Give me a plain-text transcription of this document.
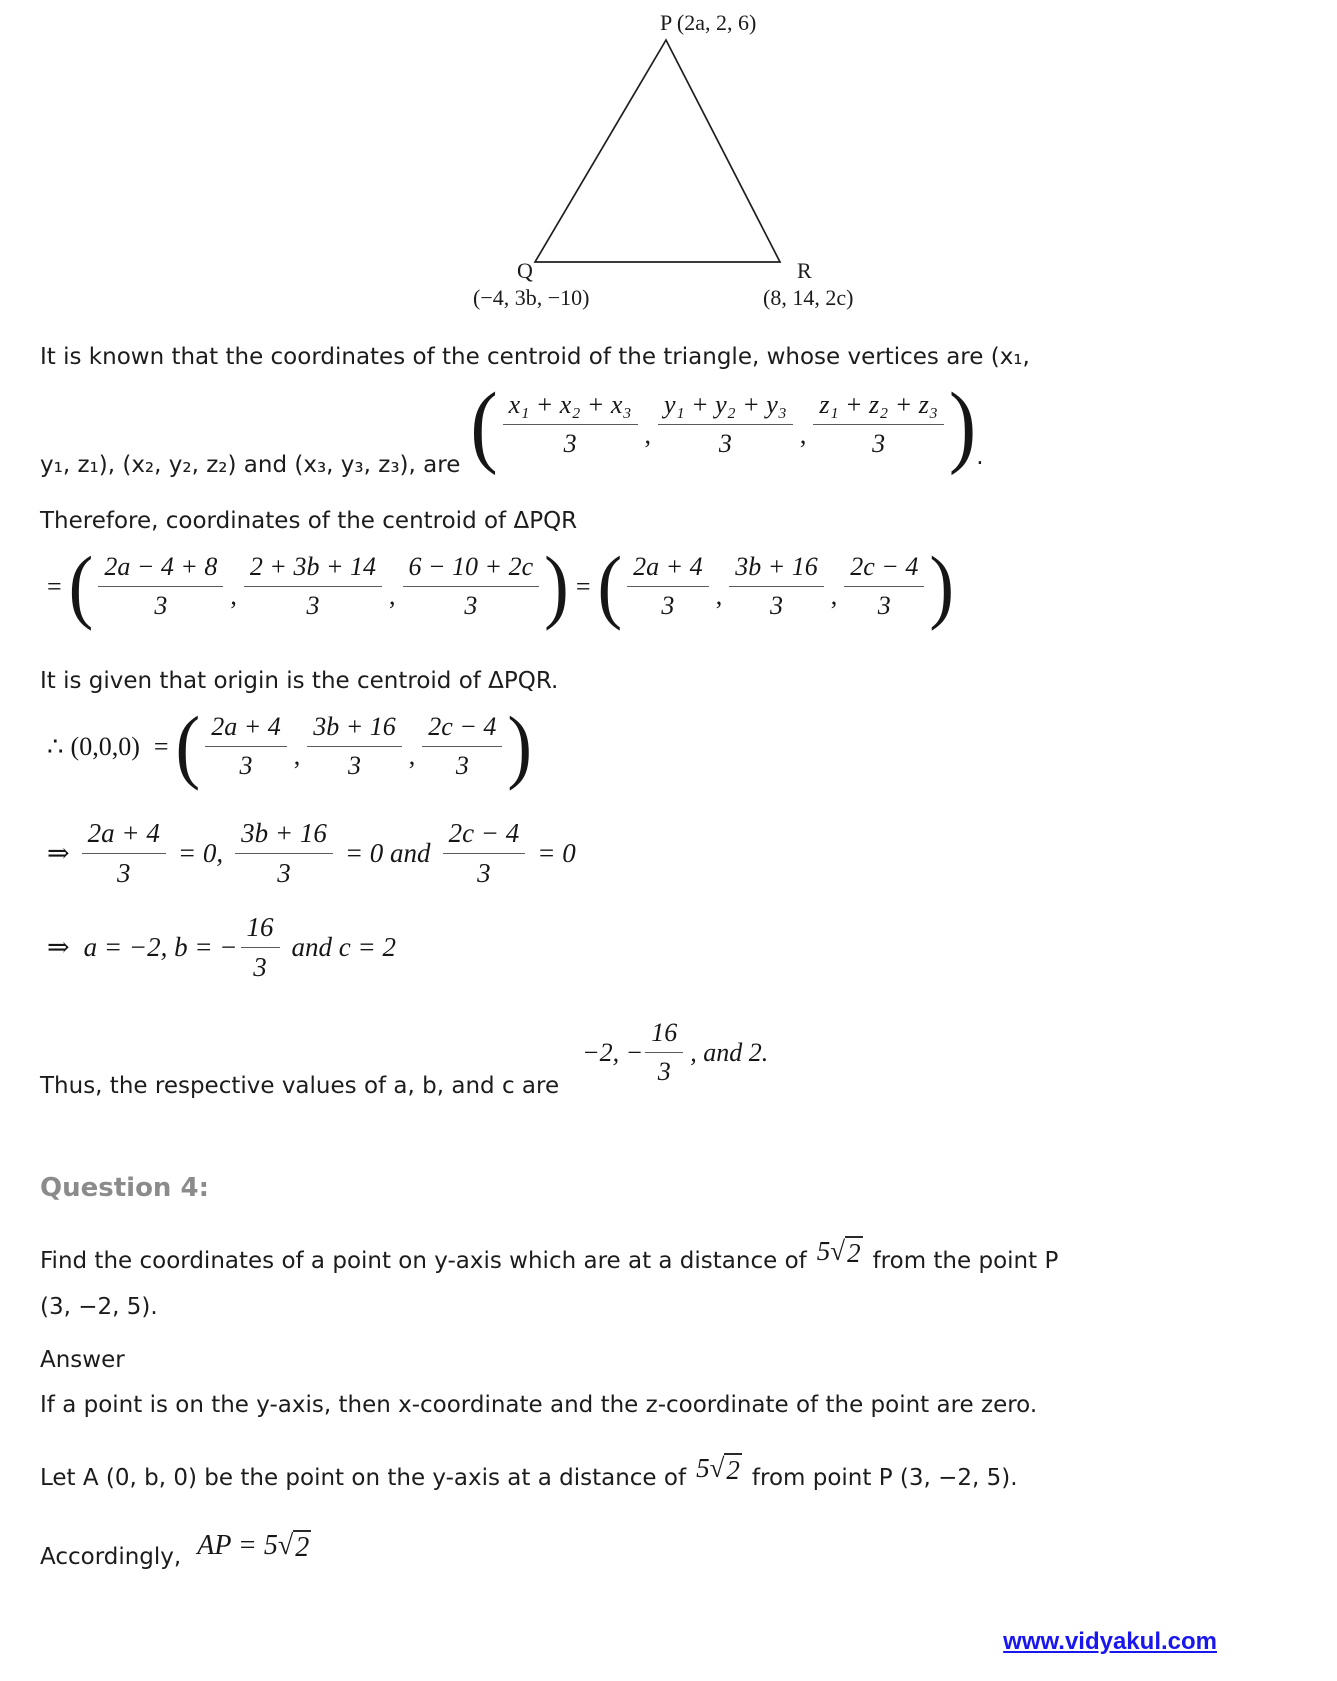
P (2a, 2, 6)
Q
(−4, 3b, −10)
R
(8, 14, 2c)

It is known that the coordinates of the centroid of the triangle, whose vertices are (x₁,

y₁, z₁), (x₂, y₂, z₂) and (x₃, y₃, z₃), are ( $\frac{\text{x₁ + x₂ + x₃}}{3}$ , $\frac{\text{y₁ + y₂ + y₃}}{3}$ , $\frac{\text{z₁ + z₂ + z₃}}{3}$ ) .

Therefore, coordinates of the centroid of ΔPQR

= ( $\frac{2a - 4 + 8}{3}$ , $\frac{2 + 3b + 14}{3}$ , $\frac{6 - 10 + 2c}{3}$ ) = ( $\frac{2a + 4}{3}$ , $\frac{3b + 16}{3}$ , $\frac{2c - 4}{3}$ )

It is given that origin is the centroid of ΔPQR.

∴ (0,0,0) = ( $\frac{2a + 4}{3}$ , $\frac{3b + 16}{3}$ , $\frac{2c - 4}{3}$ )
⇒ $\frac{2a + 4}{3} = 0$, $\frac{3b + 16}{3} = 0$ and $\frac{2c - 4}{3} = 0$
⇒ a = −2, b = − $\frac{16}{3}$ and c = 2
Thus, the respective values of a, b, and c are
−2, − $\frac{16}{3}$ , and 2.
Question 4:
Find the coordinates of a point on y-axis which are at a distance of 5 √ 2 from the point P

(3, −2, 5).

Answer

If a point is on the y-axis, then x-coordinate and the z-coordinate of the point are zero.

Let A (0, b, 0) be the point on the y-axis at a distance of 5 √ 2 from point P (3, −2, 5).
Accordingly, AP = 5 √ 2
www.vidyakul.com
